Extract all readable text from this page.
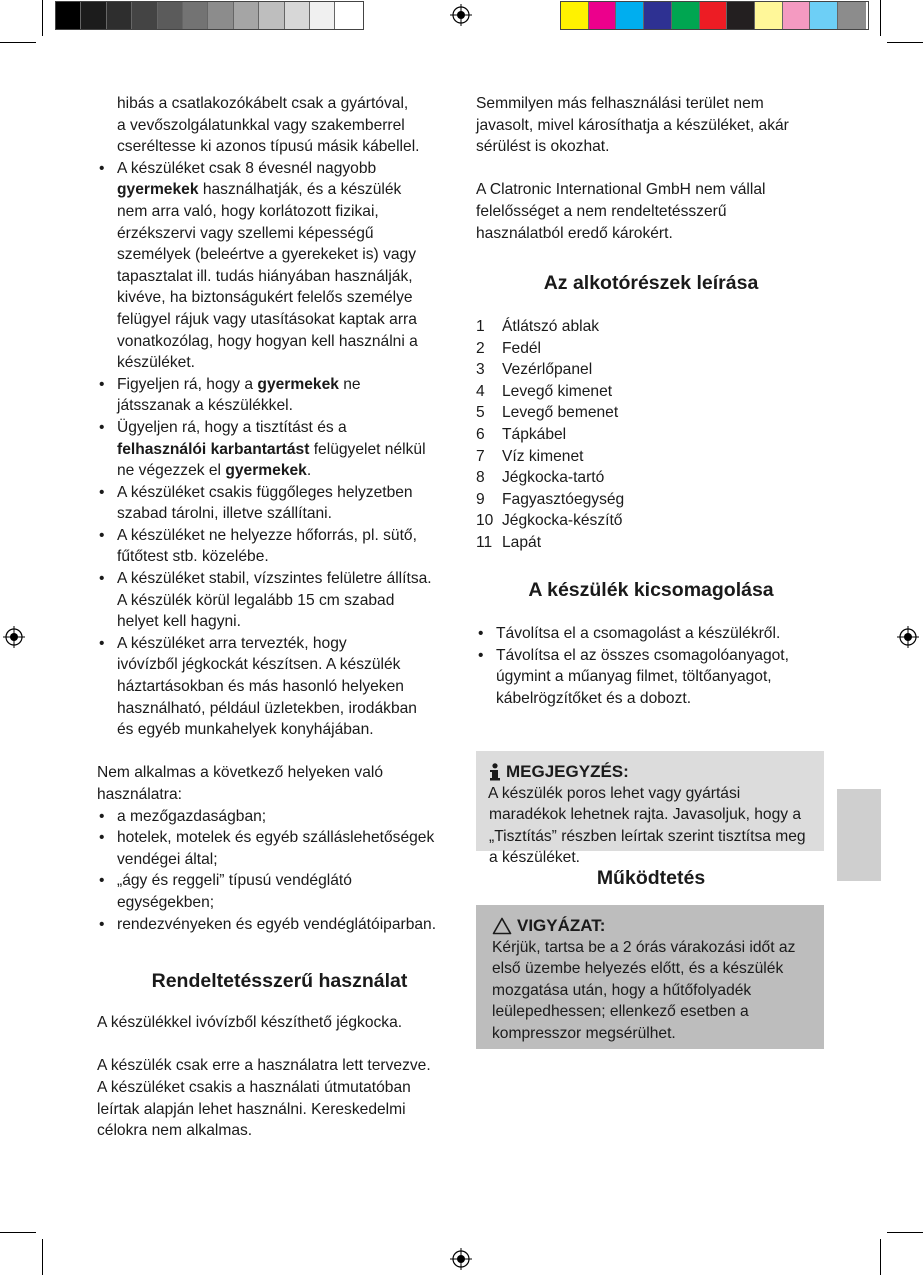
hibás a csatlakozókábelt csak a gyártóval,
a vevőszolgálatunkkal vagy szakemberrel
cseréltesse ki azonos típusú másik kábellel.
• A készüléket csak 8 évesnél nagyobb
gyermekek használhatják, és a készülék
nem arra való, hogy korlátozott fizikai,
érzékszervi vagy szellemi képességű
személyek (beleértve a gyerekeket is) vagy
tapasztalat ill. tudás hiányában használják,
kivéve, ha biztonságukért felelős személye
felügyel rájuk vagy utasításokat kaptak arra
vonatkozólag, hogy hogyan kell használni a
készüléket.
• Figyeljen rá, hogy a gyermekek ne
játsszanak a készülékkel.
• Ügyeljen rá, hogy a tisztítást és a
felhasználói karbantartást felügyelet nélkül
ne végezzek el gyermekek.
• A készüléket csakis függőleges helyzetben
szabad tárolni, illetve szállítani.
• A készüléket ne helyezze hőforrás, pl. sütő,
fűtőtest stb. közelébe.
• A készüléket stabil, vízszintes felületre állítsa.
A készülék körül legalább 15 cm szabad
helyet kell hagyni.
• A készüléket arra tervezték, hogy
ivóvízből jégkockát készítsen. A készülék
háztartásokban és más hasonló helyeken
használható, például üzletekben, irodákban
és egyéb munkahelyek konyhájában.
Nem alkalmas a következő helyeken való
használatra:
• a mezőgazdaságban;
• hotelek, motelek és egyéb szálláslehetőségek
vendégei által;
• „ágy és reggeli” típusú vendéglátó
egységekben;
• rendezvényeken és egyéb vendéglátóiparban.
Rendeltetésszerű használat

A készülékkel ivóvízből készíthető jégkocka.

A készülék csak erre a használatra lett tervezve.
A készüléket csakis a használati útmutatóban
leírtak alapján lehet használni. Kereskedelmi
célokra nem alkalmas.
Semmilyen más felhasználási terület nem
javasolt, mivel károsíthatja a készüléket, akár
sérülést is okozhat.
A Clatronic International GmbH nem vállal
felelősséget a nem rendeltetésszerű
használatból eredő károkért.
Az alkotórészek leírása
1	Átlátszó ablak
2	Fedél
3	Vezérlőpanel
4	Levegő kimenet
5	Levegő bemenet
6	Tápkábel
7	Víz kimenet
8	Jégkocka-tartó
9	Fagyasztóegység
10 Jégkocka-készítő
11 Lapát
A készülék kicsomagolása
• Távolítsa el a csomagolást a készülékről.
• Távolítsa el az összes csomagolóanyagot,
úgymint a műanyag filmet, töltőanyagot,
kábelrögzítőket és a dobozt.
MEGJEGYZÉS:
A készülék poros lehet vagy gyártási
maradékok lehetnek rajta. Javasoljuk, hogy a
„Tisztítás” részben leírtak szerint tisztítsa meg
a készüléket.
Működtetés
VIGYÁZAT:
Kérjük, tartsa be a 2 órás várakozási időt az
első üzembe helyezés előtt, és a készülék
mozgatása után, hogy a hűtőfolyadék
leülepedhessen; ellenkező esetben a
kompresszor megsérülhet.
